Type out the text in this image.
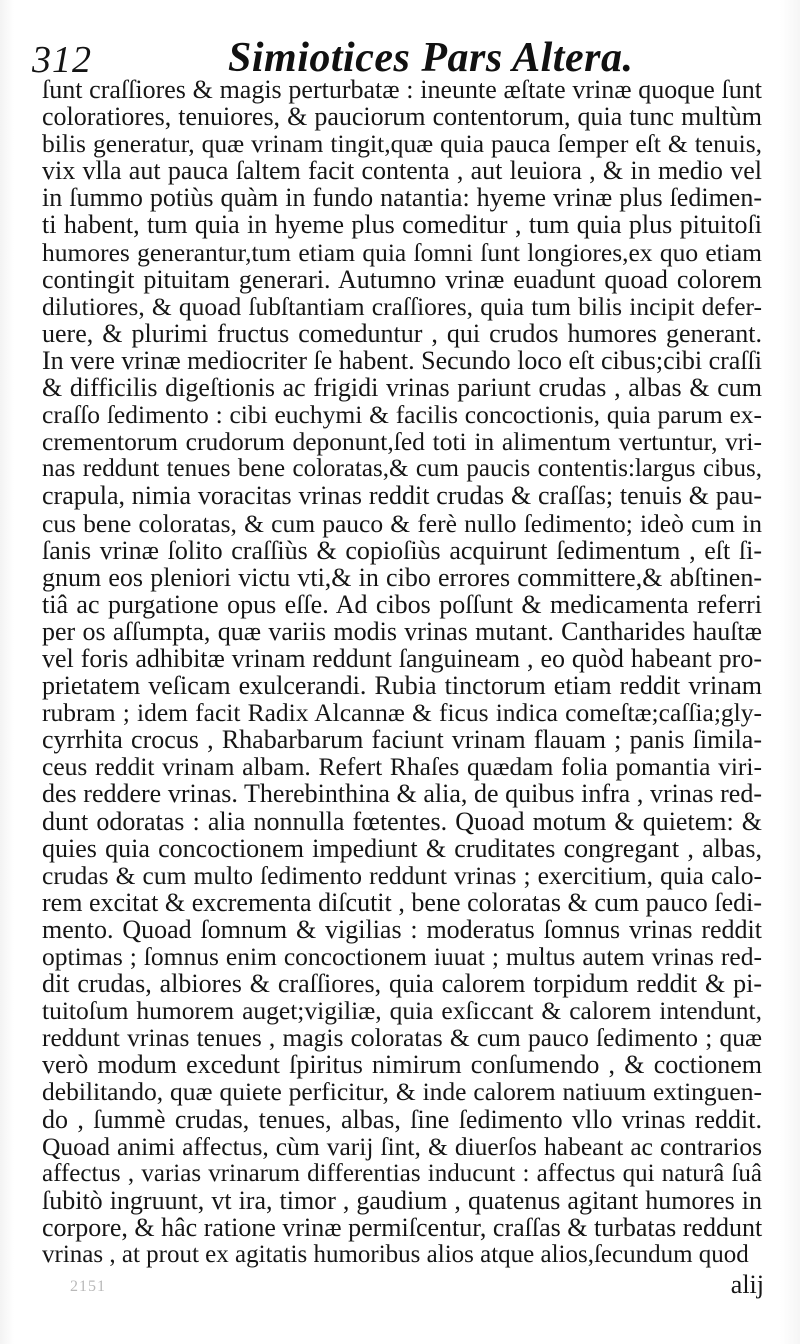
312	Simiotices Pars Altera.
ſunt craſſiores & magis perturbatæ : ineunte æſtate vrinæ quoque ſunt
coloratiores, tenuiores, & pauciorum contentorum, quia tunc multùm
bilis generatur, quæ vrinam tingit,quæ quia pauca ſemper eſt & tenuis,
vix vlla aut pauca ſaltem facit contenta , aut leuiora , & in medio vel
in ſummo potiùs quàm in fundo natantia: hyeme vrinæ plus ſedimen-
ti habent, tum quia in hyeme plus comeditur , tum quia plus pituitoſi
humores generantur,tum etiam quia ſomni ſunt longiores,ex quo etiam
contingit pituitam generari. Autumno vrinæ euadunt quoad colorem
dilutiores, & quoad ſubſtantiam craſſiores, quia tum bilis incipit defer-
uere, & plurimi fructus comeduntur , qui crudos humores generant.
In vere vrinæ mediocriter ſe habent. Secundo loco eſt cibus;cibi craſſi
& difficilis digeſtionis ac frigidi vrinas pariunt crudas , albas & cum
craſſo ſedimento : cibi euchymi & facilis concoctionis, quia parum ex-
crementorum crudorum deponunt,ſed toti in alimentum vertuntur, vri-
nas reddunt tenues bene coloratas,& cum paucis contentis:largus cibus,
crapula, nimia voracitas vrinas reddit crudas & craſſas; tenuis & pau-
cus bene coloratas, & cum pauco & ferè nullo ſedimento; ideò cum in
ſanis vrinæ ſolito craſſiùs & copioſiùs acquirunt ſedimentum , eſt ſi-
gnum eos pleniori victu vti,& in cibo errores committere,& abſtinen-
tiâ ac purgatione opus eſſe. Ad cibos poſſunt & medicamenta referri
per os aſſumpta, quæ variis modis vrinas mutant. Cantharides hauſtæ
vel foris adhibitæ vrinam reddunt ſanguineam , eo quòd habeant pro-
prietatem veſicam exulcerandi. Rubia tinctorum etiam reddit vrinam
rubram ; idem facit Radix Alcannæ & ficus indica comeſtæ;caſſia;gly-
cyrrhita crocus , Rhabarbarum faciunt vrinam flauam ; panis ſimila-
ceus reddit vrinam albam. Refert Rhaſes quædam folia pomantia viri-
des reddere vrinas. Therebinthina & alia, de quibus infra , vrinas red-
dunt odoratas : alia nonnulla fœtentes. Quoad motum & quietem: &
quies quia concoctionem impediunt & cruditates congregant , albas,
crudas & cum multo ſedimento reddunt vrinas ; exercitium, quia calo-
rem excitat & excrementa diſcutit , bene coloratas & cum pauco ſedi-
mento. Quoad ſomnum & vigilias : moderatus ſomnus vrinas reddit
optimas ; ſomnus enim concoctionem iuuat ; multus autem vrinas red-
dit crudas, albiores & craſſiores, quia calorem torpidum reddit & pi-
tuitoſum humorem auget;vigiliæ, quia exſiccant & calorem intendunt,
reddunt vrinas tenues , magis coloratas & cum pauco ſedimento ; quæ
verò modum excedunt ſpiritus nimirum conſumendo , & coctionem
debilitando, quæ quiete perficitur, & inde calorem natiuum extinguen-
do , ſummè crudas, tenues, albas, ſine ſedimento vllo vrinas reddit.
Quoad animi affectus, cùm varij ſint, & diuerſos habeant ac contrarios
affectus , varias vrinarum differentias inducunt : affectus qui naturâ ſuâ
ſubitò ingruunt, vt ira, timor , gaudium , quatenus agitant humores in
corpore, & hâc ratione vrinæ permiſcentur, craſſas & turbatas reddunt
vrinas , at prout ex agitatis humoribus alios atque alios,ſecundum quod
2151	alij
